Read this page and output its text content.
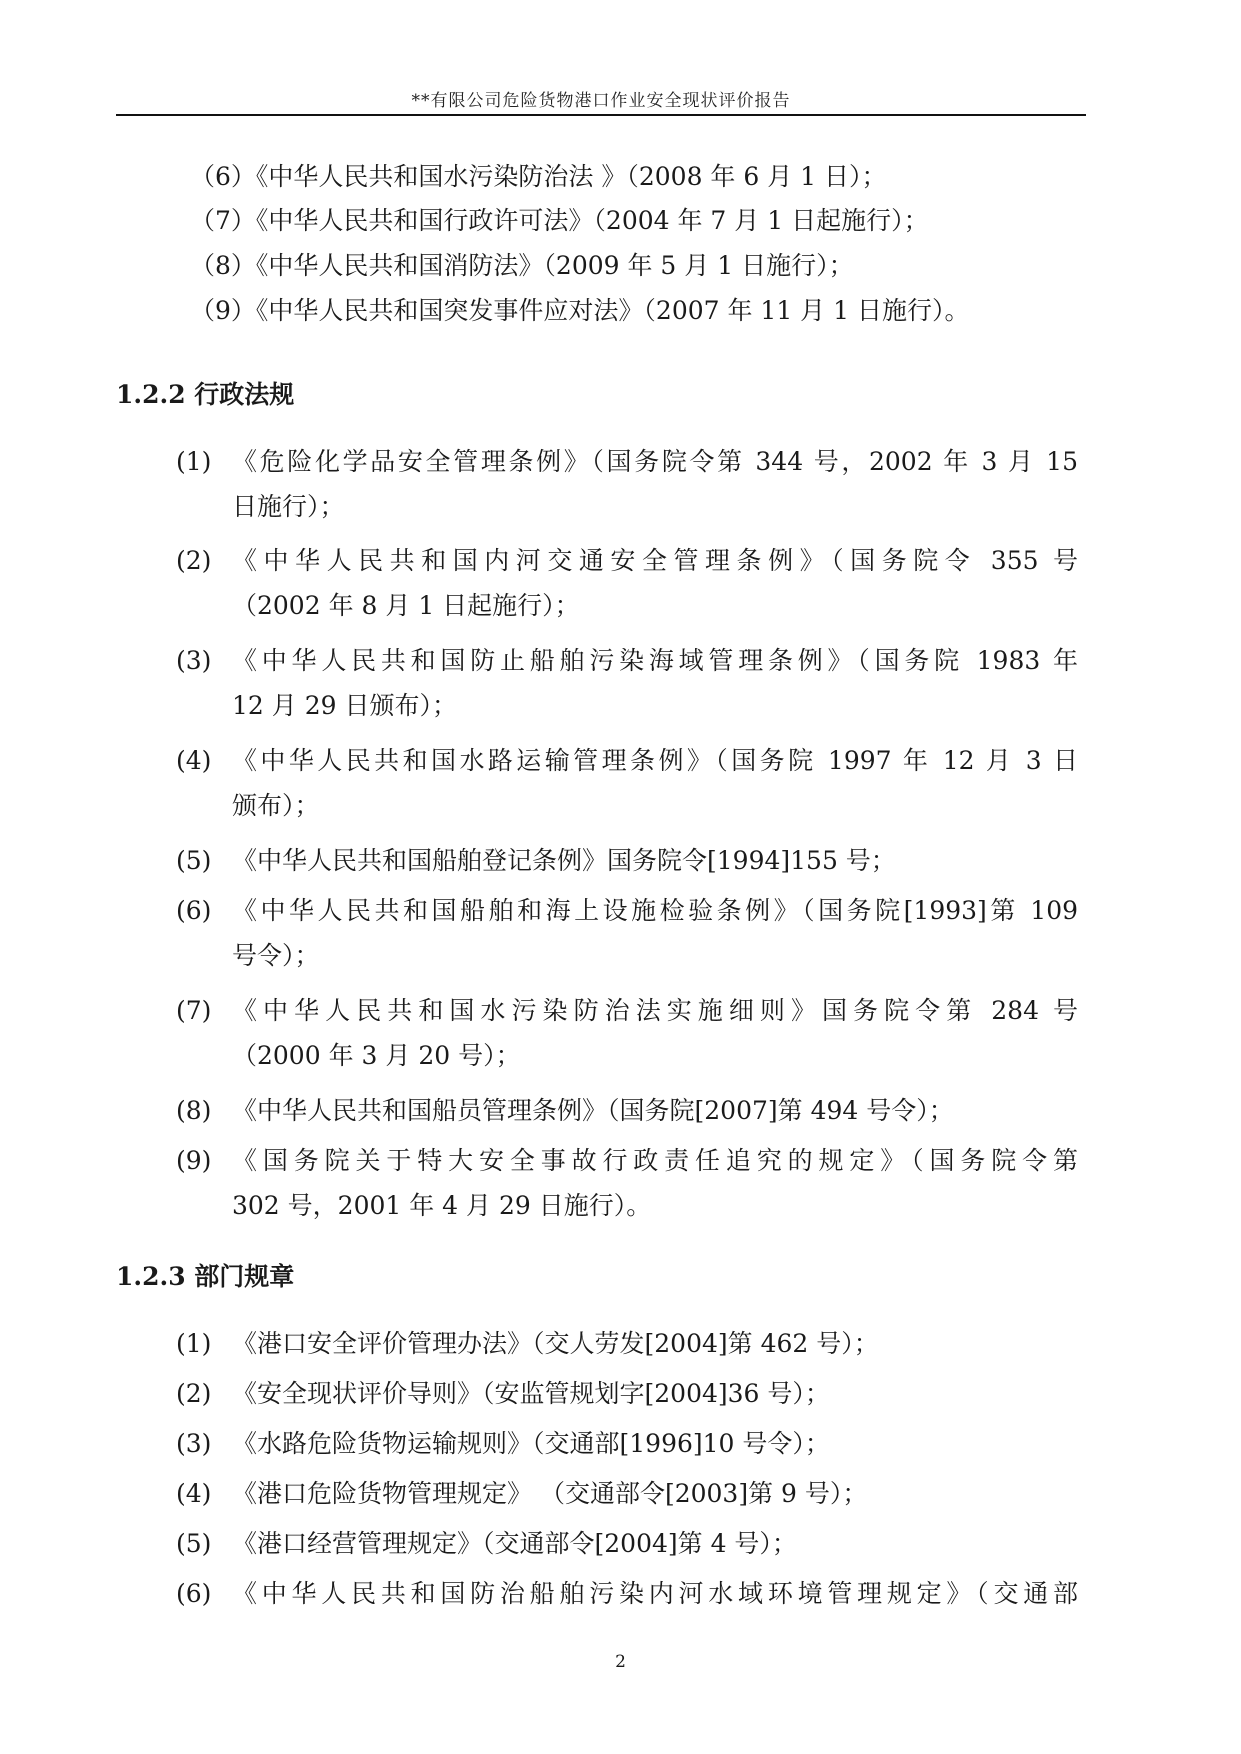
**有限公司危险货物港口作业安全现状评价报告
（6）《中华人民共和国水污染防治法 》（2008 年 6 月 1 日）；
（7）《中华人民共和国行政许可法》（2004 年 7 月 1 日起施行）；
（8）《中华人民共和国消防法》（2009 年 5 月 1 日施行）；
（9）《中华人民共和国突发事件应对法》（2007 年 11 月 1 日施行）。
1.2.2 行政法规
(1) 《危险化学品安全管理条例》（国务院令第 344 号，2002 年 3 月 15
日施行）；
(2) 《中华人民共和国内河交通安全管理条例》（国务院令 355 号
（2002 年 8 月 1 日起施行）；
(3) 《中华人民共和国防止船舶污染海域管理条例》（国务院 1983 年
12 月 29 日颁布）；
(4) 《中华人民共和国水路运输管理条例》（国务院 1997 年 12 月 3 日
颁布）；
(5) 《中华人民共和国船舶登记条例》国务院令[1994]155 号；
(6) 《中华人民共和国船舶和海上设施检验条例》（国务院[1993]第 109
号令）；
(7) 《中华人民共和国水污染防治法实施细则》国务院令第 284 号
（2000 年 3 月 20 号）；
(8) 《中华人民共和国船员管理条例》（国务院[2007]第 494 号令）；
(9) 《国务院关于特大安全事故行政责任追究的规定》（国务院令第
302 号，2001 年 4 月 29 日施行）。
1.2.3 部门规章
(1) 《港口安全评价管理办法》（交人劳发[2004]第 462 号）；
(2) 《安全现状评价导则》（安监管规划字[2004]36 号）；
(3) 《水路危险货物运输规则》（交通部[1996]10 号令）；
(4) 《港口危险货物管理规定》 （交通部令[2003]第 9 号）；
(5) 《港口经营管理规定》（交通部令[2004]第 4 号）；
(6) 《中华人民共和国防治船舶污染内河水域环境管理规定》（交通部
2
